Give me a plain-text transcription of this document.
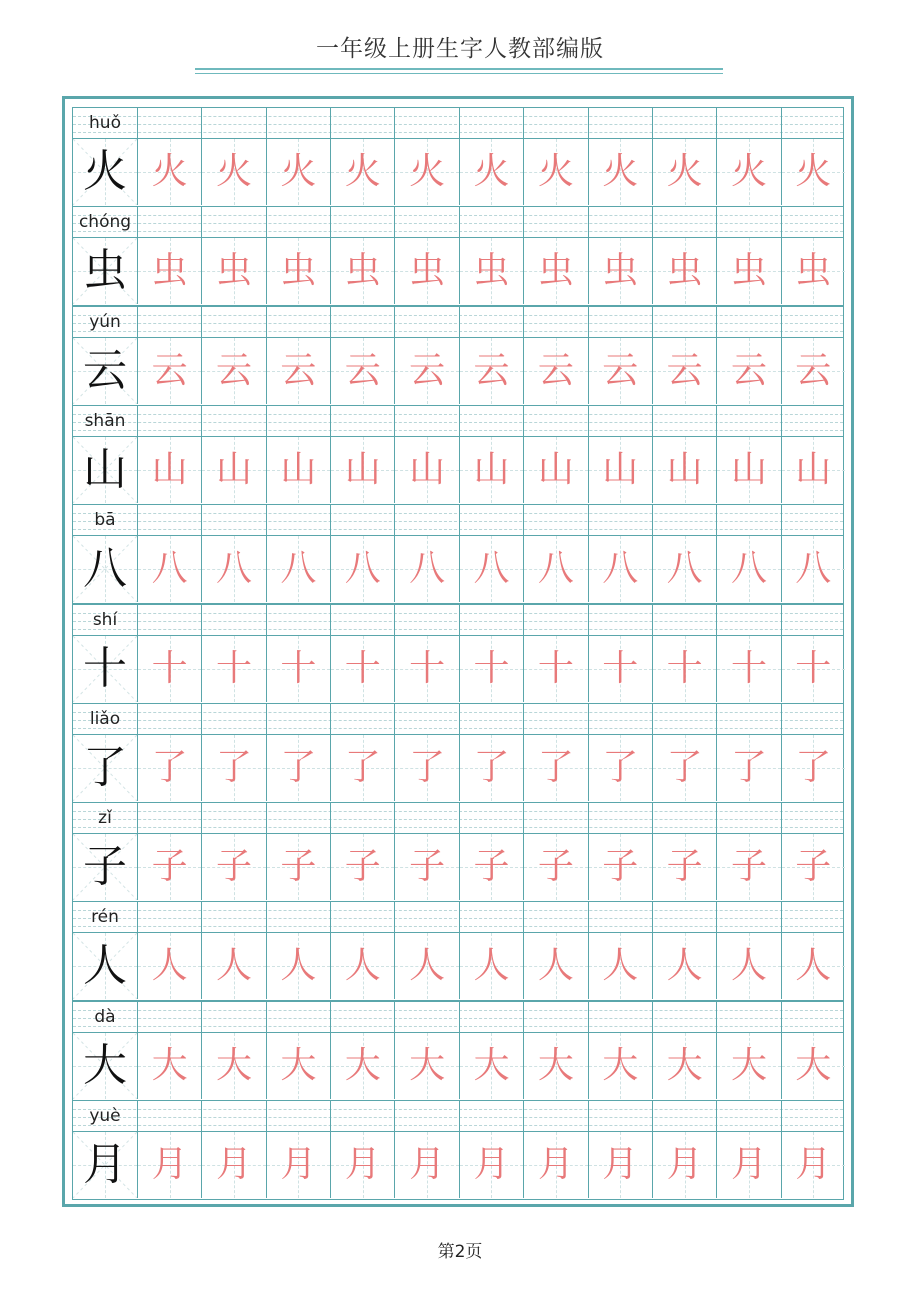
一年级上册生字人教部编版
huǒ
火 火 火 火 火 火 火 火 火 火 火 火
chóng
虫 虫 虫 虫 虫 虫 虫 虫 虫 虫 虫 虫
yún
云 云 云 云 云 云 云 云 云 云 云 云
shān
山 山 山 山 山 山 山 山 山 山 山 山
bā
八 八 八 八 八 八 八 八 八 八 八 八
shí
十 十 十 十 十 十 十 十 十 十 十 十
liǎo
了 了 了 了 了 了 了 了 了 了 了 了
zǐ
子 子 子 子 子 子 子 子 子 子 子 子
rén
人 人 人 人 人 人 人 人 人 人 人 人
dà
大 大 大 大 大 大 大 大 大 大 大 大
yuè
月 月 月 月 月 月 月 月 月 月 月 月
第2页
